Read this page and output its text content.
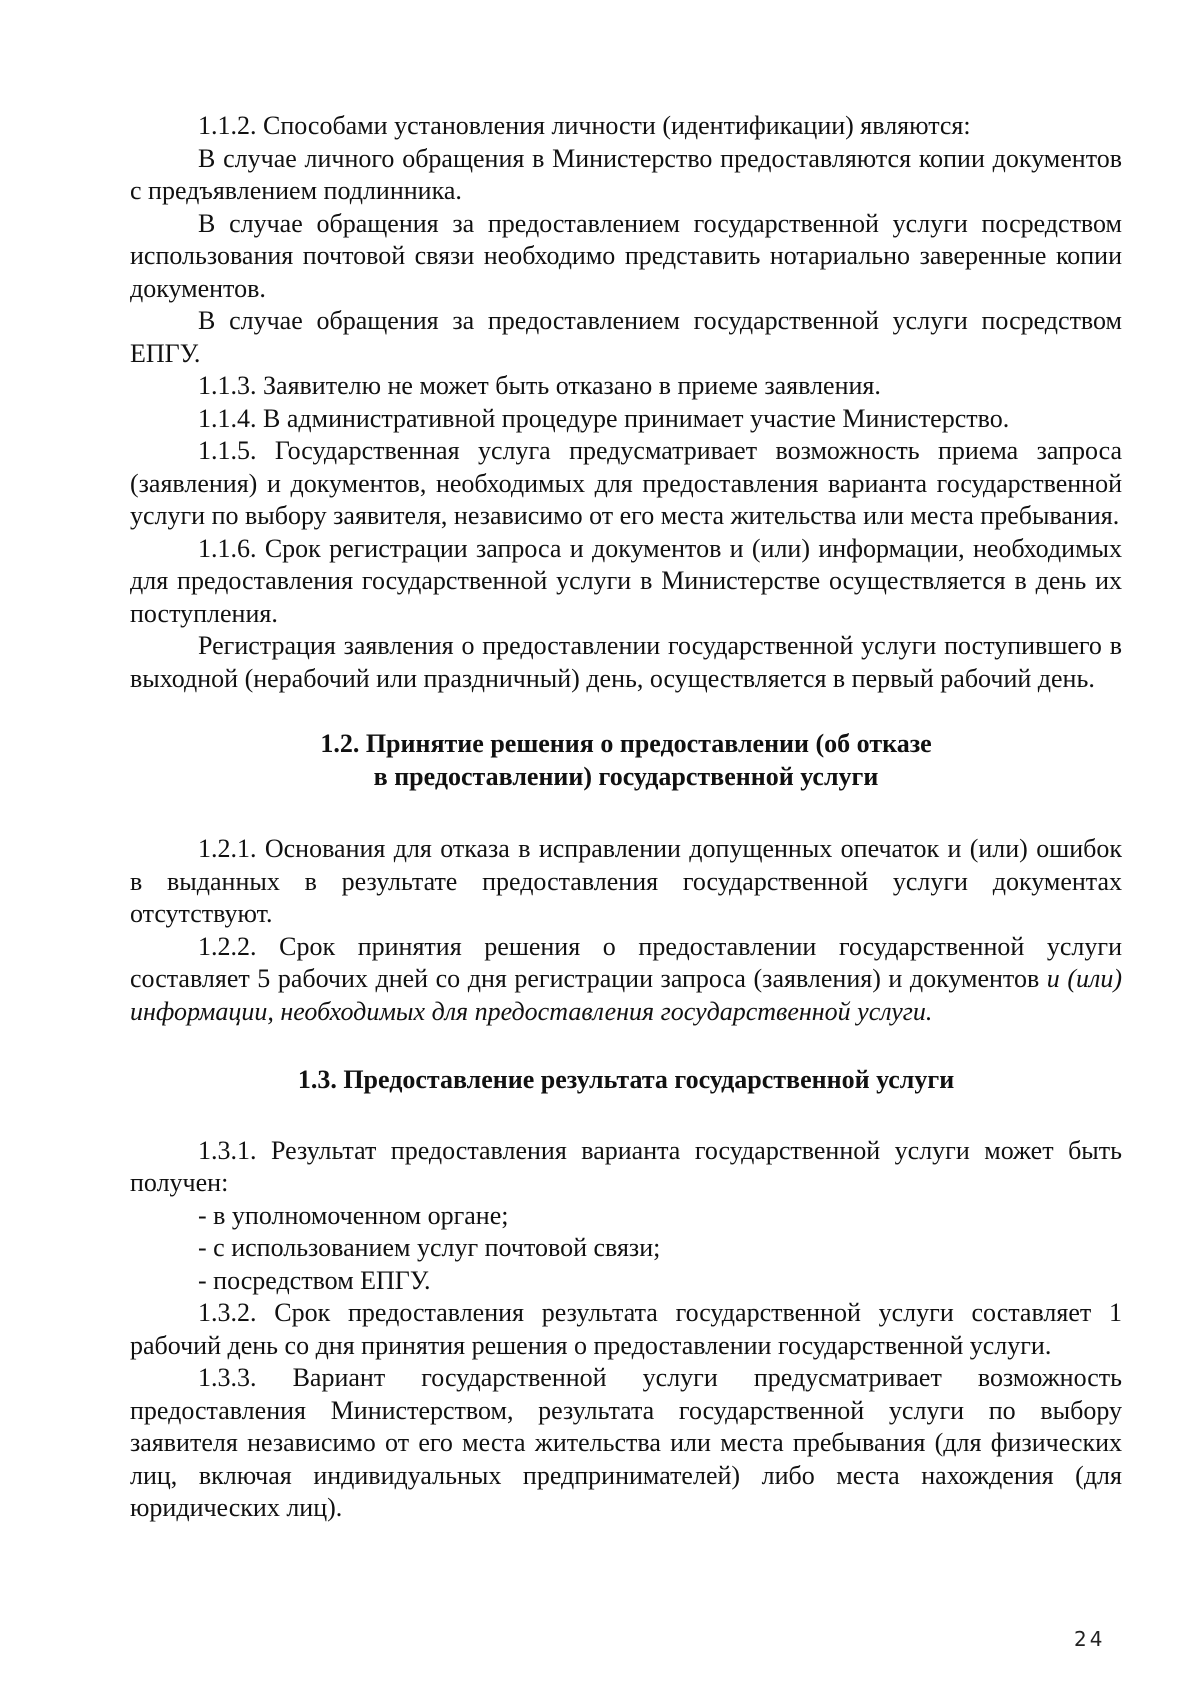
1.1.2. Способами установления личности (идентификации) являются:

В случае личного обращения в Министерство предоставляются копии документов с предъявлением подлинника.

В случае обращения за предоставлением государственной услуги посредством использования почтовой связи необходимо представить нотариально заверенные копии документов.

В случае обращения за предоставлением государственной услуги посредством ЕПГУ.

1.1.3. Заявителю не может быть отказано в приеме заявления.

1.1.4. В административной процедуре принимает участие Министерство.

1.1.5. Государственная услуга предусматривает возможность приема запроса (заявления) и документов, необходимых для предоставления варианта государственной услуги по выбору заявителя, независимо от его места жительства или места пребывания.

1.1.6. Срок регистрации запроса и документов и (или) информации, необходимых для предоставления государственной услуги в Министерстве осуществляется в день их поступления.

Регистрация заявления о предоставлении государственной услуги поступившего в выходной (нерабочий или праздничный) день, осуществляется в первый рабочий день.

1.2. Принятие решения о предоставлении (об отказе

в предоставлении) государственной услуги

1.2.1. Основания для отказа в исправлении допущенных опечаток и (или) ошибок в выданных в результате предоставления государственной услуги документах отсутствуют.

1.2.2. Срок принятия решения о предоставлении государственной услуги составляет 5 рабочих дней со дня регистрации запроса (заявления) и документов и (или) информации, необходимых для предоставления государственной услуги.

1.3. Предоставление результата государственной услуги

1.3.1. Результат предоставления варианта государственной услуги может быть получен:

- в уполномоченном органе;

- с использованием услуг почтовой связи;

- посредством ЕПГУ.

1.3.2. Срок предоставления результата государственной услуги составляет 1 рабочий день со дня принятия решения о предоставлении государственной услуги.

1.3.3. Вариант государственной услуги предусматривает возможность предоставления Министерством, результата государственной услуги по выбору заявителя независимо от его места жительства или места пребывания (для физических лиц, включая индивидуальных предпринимателей) либо места нахождения (для юридических лиц).

24
